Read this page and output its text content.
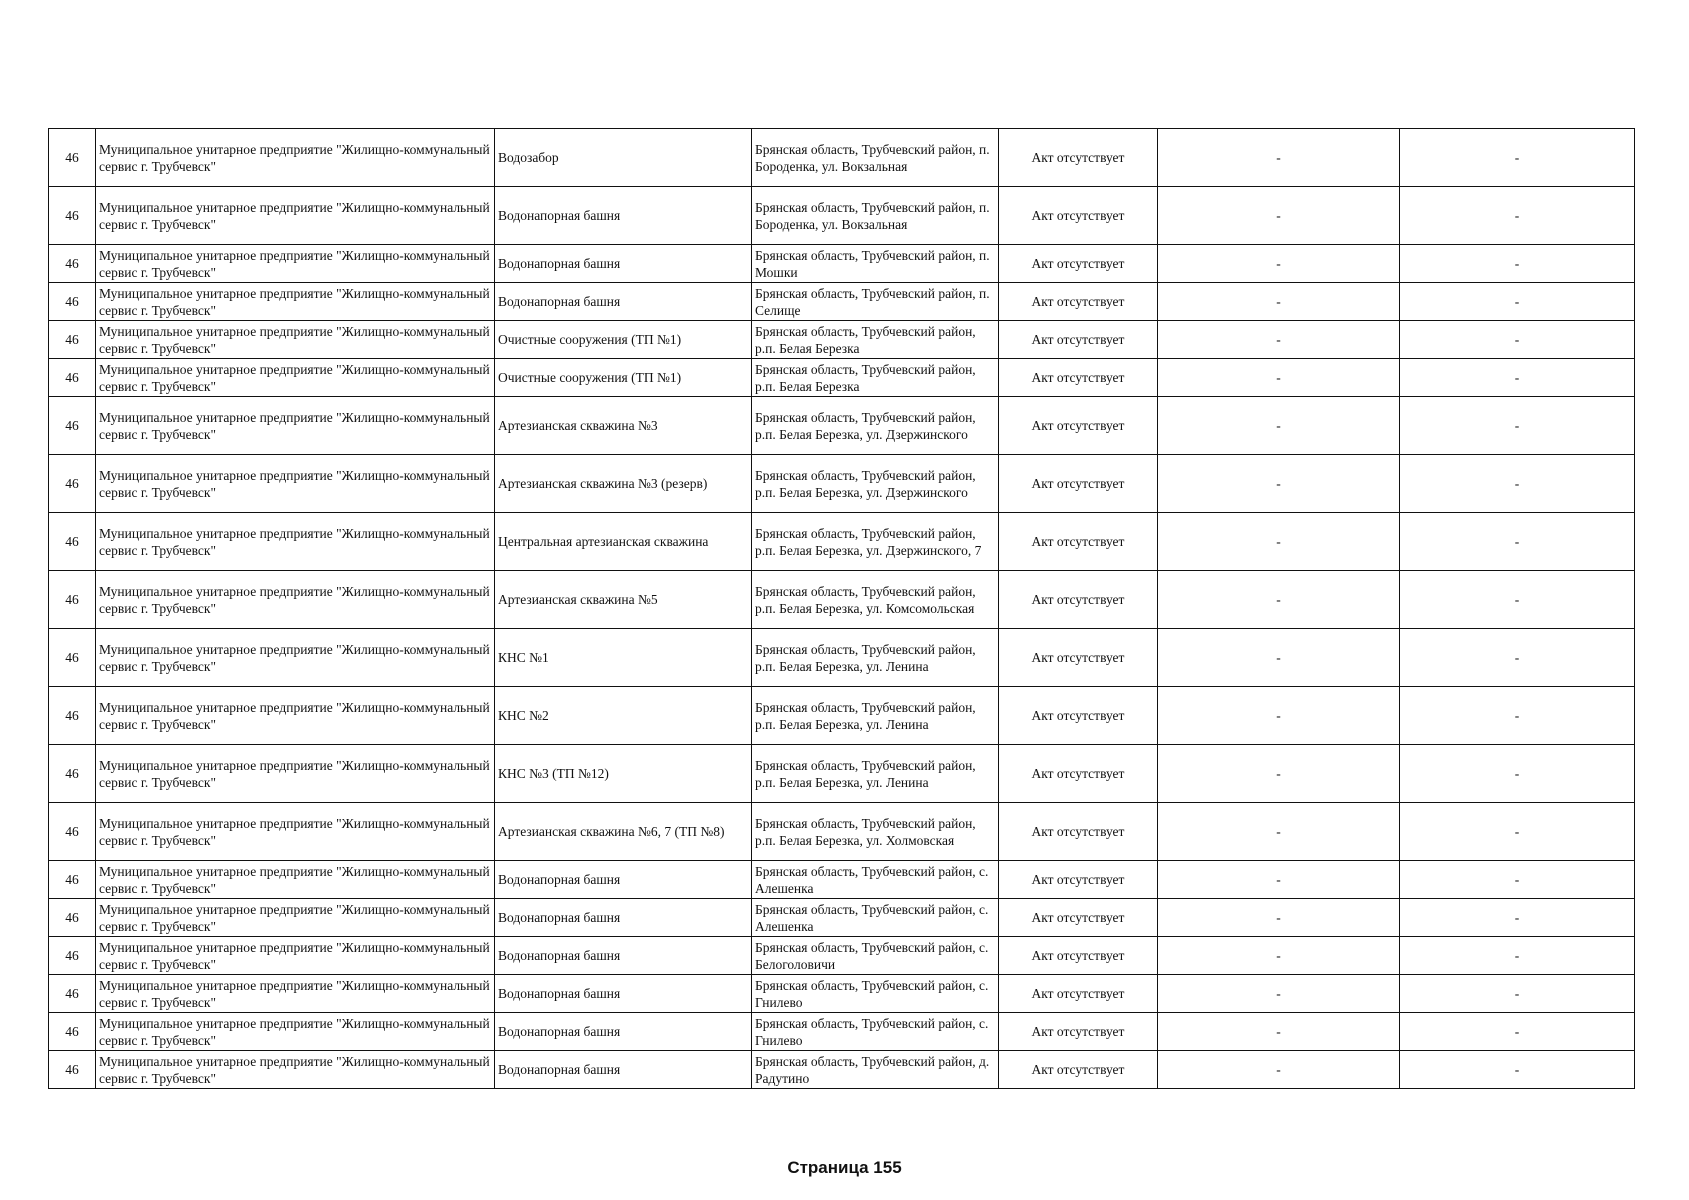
46	Муниципальное унитарное предприятие "Жилищно-коммунальный сервис г. Трубчевск"	Водозабор	Брянская область, Трубчевский район, п. Бороденка, ул. Вокзальная	Акт отсутствует	-	-
46	Муниципальное унитарное предприятие "Жилищно-коммунальный сервис г. Трубчевск"	Водонапорная башня	Брянская область, Трубчевский район, п. Бороденка, ул. Вокзальная	Акт отсутствует	-	-
46	Муниципальное унитарное предприятие "Жилищно-коммунальный сервис г. Трубчевск"	Водонапорная башня	Брянская область, Трубчевский район, п. Мошки	Акт отсутствует	-	-
46	Муниципальное унитарное предприятие "Жилищно-коммунальный сервис г. Трубчевск"	Водонапорная башня	Брянская область, Трубчевский район, п. Селище	Акт отсутствует	-	-
46	Муниципальное унитарное предприятие "Жилищно-коммунальный сервис г. Трубчевск"	Очистные сооружения (ТП №1)	Брянская область, Трубчевский район, р.п. Белая Березка	Акт отсутствует	-	-
46	Муниципальное унитарное предприятие "Жилищно-коммунальный сервис г. Трубчевск"	Очистные сооружения (ТП №1)	Брянская область, Трубчевский район, р.п. Белая Березка	Акт отсутствует	-	-
46	Муниципальное унитарное предприятие "Жилищно-коммунальный сервис г. Трубчевск"	Артезианская скважина №3	Брянская область, Трубчевский район, р.п. Белая Березка, ул. Дзержинского	Акт отсутствует	-	-
46	Муниципальное унитарное предприятие "Жилищно-коммунальный сервис г. Трубчевск"	Артезианская скважина №3 (резерв)	Брянская область, Трубчевский район, р.п. Белая Березка, ул. Дзержинского	Акт отсутствует	-	-
46	Муниципальное унитарное предприятие "Жилищно-коммунальный сервис г. Трубчевск"	Центральная артезианская скважина	Брянская область, Трубчевский район, р.п. Белая Березка, ул. Дзержинского, 7	Акт отсутствует	-	-
46	Муниципальное унитарное предприятие "Жилищно-коммунальный сервис г. Трубчевск"	Артезианская скважина №5	Брянская область, Трубчевский район, р.п. Белая Березка, ул. Комсомольская	Акт отсутствует	-	-
46	Муниципальное унитарное предприятие "Жилищно-коммунальный сервис г. Трубчевск"	КНС №1	Брянская область, Трубчевский район, р.п. Белая Березка, ул. Ленина	Акт отсутствует	-	-
46	Муниципальное унитарное предприятие "Жилищно-коммунальный сервис г. Трубчевск"	КНС №2	Брянская область, Трубчевский район, р.п. Белая Березка, ул. Ленина	Акт отсутствует	-	-
46	Муниципальное унитарное предприятие "Жилищно-коммунальный сервис г. Трубчевск"	КНС №3 (ТП №12)	Брянская область, Трубчевский район, р.п. Белая Березка, ул. Ленина	Акт отсутствует	-	-
46	Муниципальное унитарное предприятие "Жилищно-коммунальный сервис г. Трубчевск"	Артезианская скважина №6, 7 (ТП №8)	Брянская область, Трубчевский район, р.п. Белая Березка, ул. Холмовская	Акт отсутствует	-	-
46	Муниципальное унитарное предприятие "Жилищно-коммунальный сервис г. Трубчевск"	Водонапорная башня	Брянская область, Трубчевский район, с. Алешенка	Акт отсутствует	-	-
46	Муниципальное унитарное предприятие "Жилищно-коммунальный сервис г. Трубчевск"	Водонапорная башня	Брянская область, Трубчевский район, с. Алешенка	Акт отсутствует	-	-
46	Муниципальное унитарное предприятие "Жилищно-коммунальный сервис г. Трубчевск"	Водонапорная башня	Брянская область, Трубчевский район, с. Белоголовичи	Акт отсутствует	-	-
46	Муниципальное унитарное предприятие "Жилищно-коммунальный сервис г. Трубчевск"	Водонапорная башня	Брянская область, Трубчевский район, с. Гнилево	Акт отсутствует	-	-
46	Муниципальное унитарное предприятие "Жилищно-коммунальный сервис г. Трубчевск"	Водонапорная башня	Брянская область, Трубчевский район, с. Гнилево	Акт отсутствует	-	-
46	Муниципальное унитарное предприятие "Жилищно-коммунальный сервис г. Трубчевск"	Водонапорная башня	Брянская область, Трубчевский район, д. Радутино	Акт отсутствует	-	-
Страница 155
